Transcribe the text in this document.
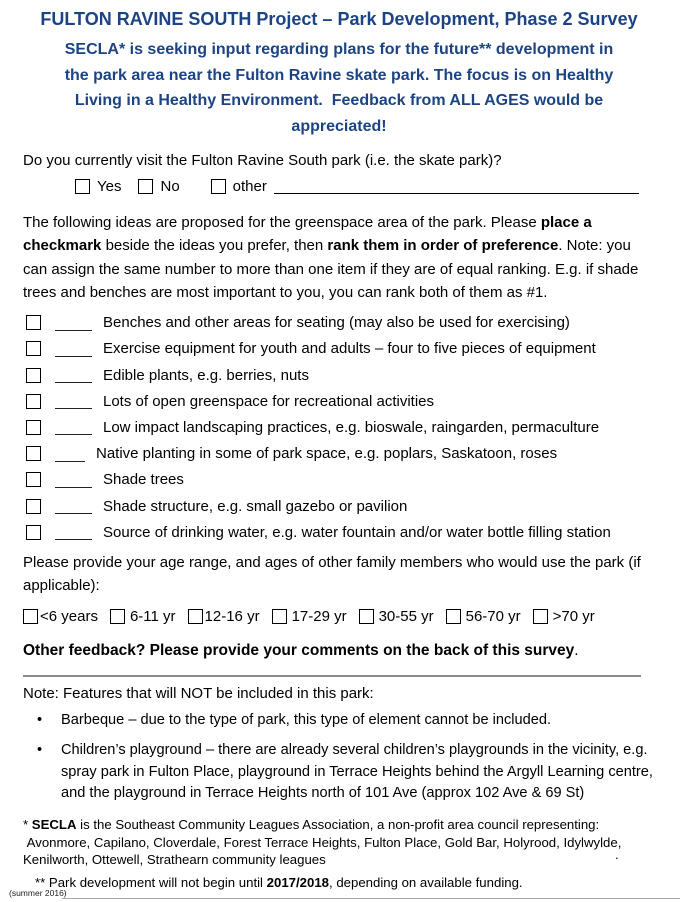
FULTON RAVINE SOUTH Project – Park Development, Phase 2 Survey
SECLA* is seeking input regarding plans for the future** development in
the park area near the Fulton Ravine skate park. The focus is on Healthy
Living in a Healthy Environment.  Feedback from ALL AGES would be
appreciated!
Do you currently visit the Fulton Ravine South park (i.e. the skate park)?
Yes	No	other
The following ideas are proposed for the greenspace area of the park. Please place a checkmark beside the ideas you prefer, then rank them in order of preference. Note: you can assign the same number to more than one item if they are of equal ranking. E.g. if shade trees and benches are most important to you, you can rank both of them as #1.
Benches and other areas for seating (may also be used for exercising)
Exercise equipment for youth and adults – four to five pieces of equipment
Edible plants, e.g. berries, nuts
Lots of open greenspace for recreational activities
Low impact landscaping practices, e.g. bioswale, raingarden, permaculture
Native planting in some of park space, e.g. poplars, Saskatoon, roses
Shade trees
Shade structure, e.g. small gazebo or pavilion
Source of drinking water, e.g. water fountain and/or water bottle filling station
Please provide your age range, and ages of other family members who would use the park (if applicable):
<6 years 6-11 yr 12-16 yr 17-29 yr 30-55 yr 56-70 yr >70 yr
Other feedback? Please provide your comments on the back of this survey.
Note: Features that will NOT be included in this park:
•	Barbeque – due to the type of park, this type of element cannot be included.
•	Children’s playground – there are already several children’s playgrounds in the vicinity, e.g. spray park in Fulton Place, playground in Terrace Heights behind the Argyll Learning centre, and the playground in Terrace Heights north of 101 Ave (approx 102 Ave & 69 St)
* SECLA is the Southeast Community Leagues Association, a non-profit area council representing:
Avonmore, Capilano, Cloverdale, Forest Terrace Heights, Fulton Place, Gold Bar, Holyrood, Idylwylde, Kenilworth, Ottewell, Strathearn community leagues	.
** Park development will not begin until 2017/2018, depending on available funding.
(summer 2016)
